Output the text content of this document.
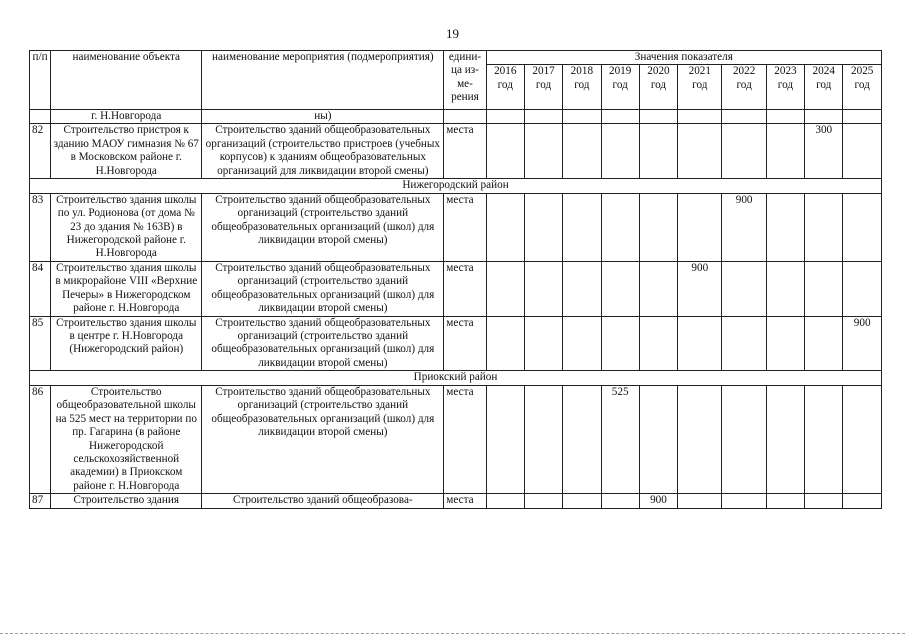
19
п/п	наименование объекта	наименование мероприятия (подмероприятия)	едини-ца из-ме-рения	Значения показателя									
				2016 год	2017 год	2018 год	2019 год	2020 год	2021 год	2022 год	2023 год	2024 год	2025 год
	г. Н.Новгорода	ны)											
82	Строительство пристроя к зданию МАОУ гимназия № 67 в Московском районе г. Н.Новгорода	Строительство зданий общеобразовательных организаций (строительство пристроев (учебных корпусов) к зданиям общеобразовательных организаций для ликвидации второй смены)	места									300	
Нижегородский район													
83	Строительство здания школы по ул. Родионова (от дома № 23 до здания № 163В) в Нижегородской районе г. Н.Новгорода	Строительство зданий общеобразовательных организаций (строительство зданий общеобразовательных организаций (школ) для ликвидации второй смены)	места							900			
84	Строительство здания школы в микрорайоне VIII «Верхние Печеры» в Нижегородском районе г. Н.Новгорода	Строительство зданий общеобразовательных организаций (строительство зданий общеобразовательных организаций (школ) для ликвидации второй смены)	места						900				
85	Строительство здания школы в центре г. Н.Новгорода (Нижегородский район)	Строительство зданий общеобразовательных организаций (строительство зданий общеобразовательных организаций (школ) для ликвидации второй смены)	места										900
Приокский район													
86	Строительство общеобразовательной школы на 525 мест на территории по пр. Гагарина (в районе Нижегородской сельскохозяйственной академии) в Приокском районе г. Н.Новгорода	Строительство зданий общеобразовательных организаций (строительство зданий общеобразовательных организаций (школ) для ликвидации второй смены)	места				525						
87	Строительство здания	Строительство зданий общеобразова-	места					900					
